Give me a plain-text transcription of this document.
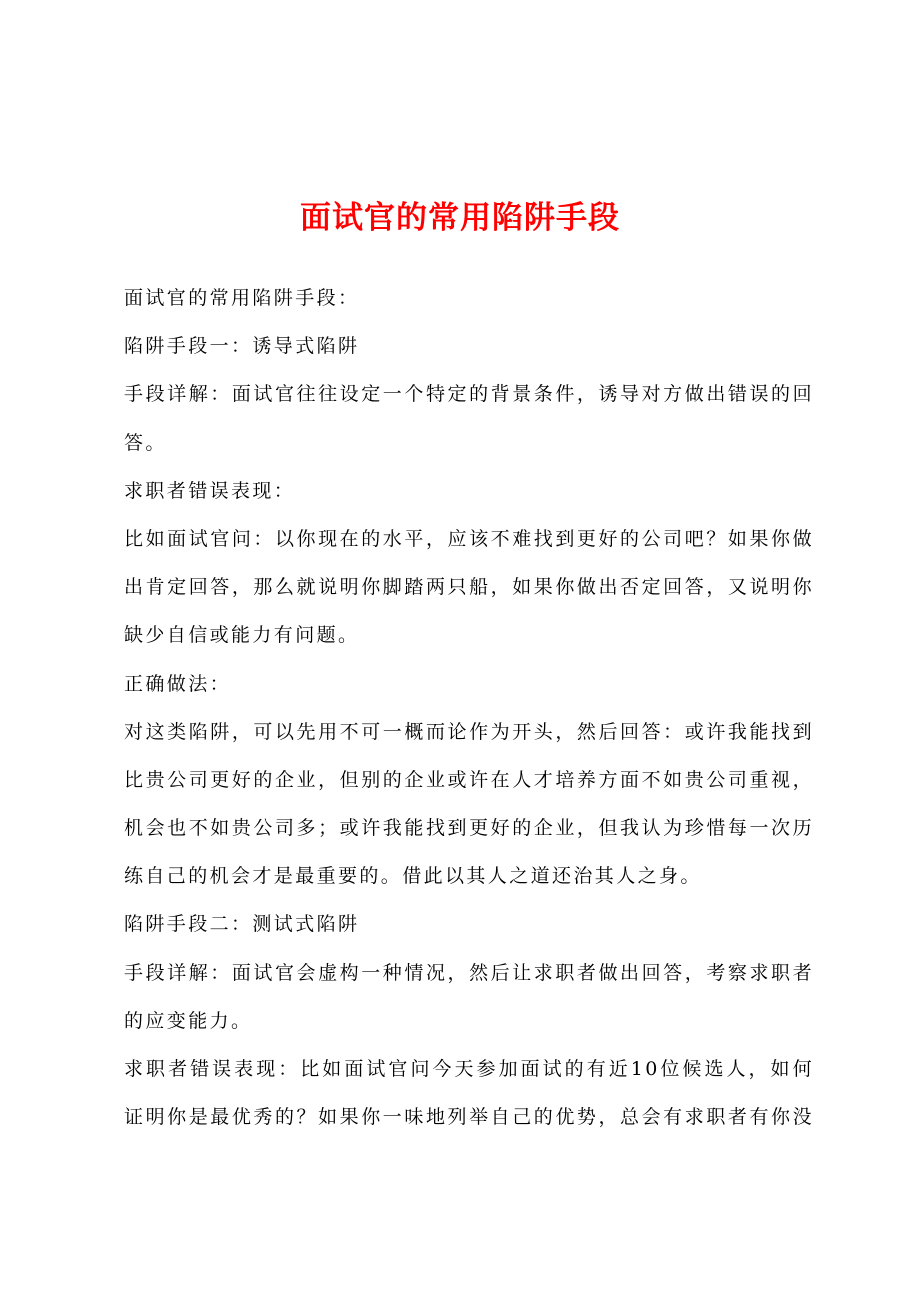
面试官的常用陷阱手段
面试官的常用陷阱手段：
陷阱手段一：诱导式陷阱
手段详解：面试官往往设定一个特定的背景条件，诱导对方做出错误的回
答。
求职者错误表现：
比如面试官问：以你现在的水平，应该不难找到更好的公司吧？如果你做
出肯定回答，那么就说明你脚踏两只船，如果你做出否定回答，又说明你
缺少自信或能力有问题。
正确做法：
对这类陷阱，可以先用不可一概而论作为开头，然后回答：或许我能找到
比贵公司更好的企业，但别的企业或许在人才培养方面不如贵公司重视，
机会也不如贵公司多；或许我能找到更好的企业，但我认为珍惜每一次历
练自己的机会才是最重要的。借此以其人之道还治其人之身。
陷阱手段二：测试式陷阱
手段详解：面试官会虚构一种情况，然后让求职者做出回答，考察求职者
的应变能力。
求职者错误表现：比如面试官问今天参加面试的有近10位候选人，如何
证明你是最优秀的？如果你一味地列举自己的优势，总会有求职者有你没
